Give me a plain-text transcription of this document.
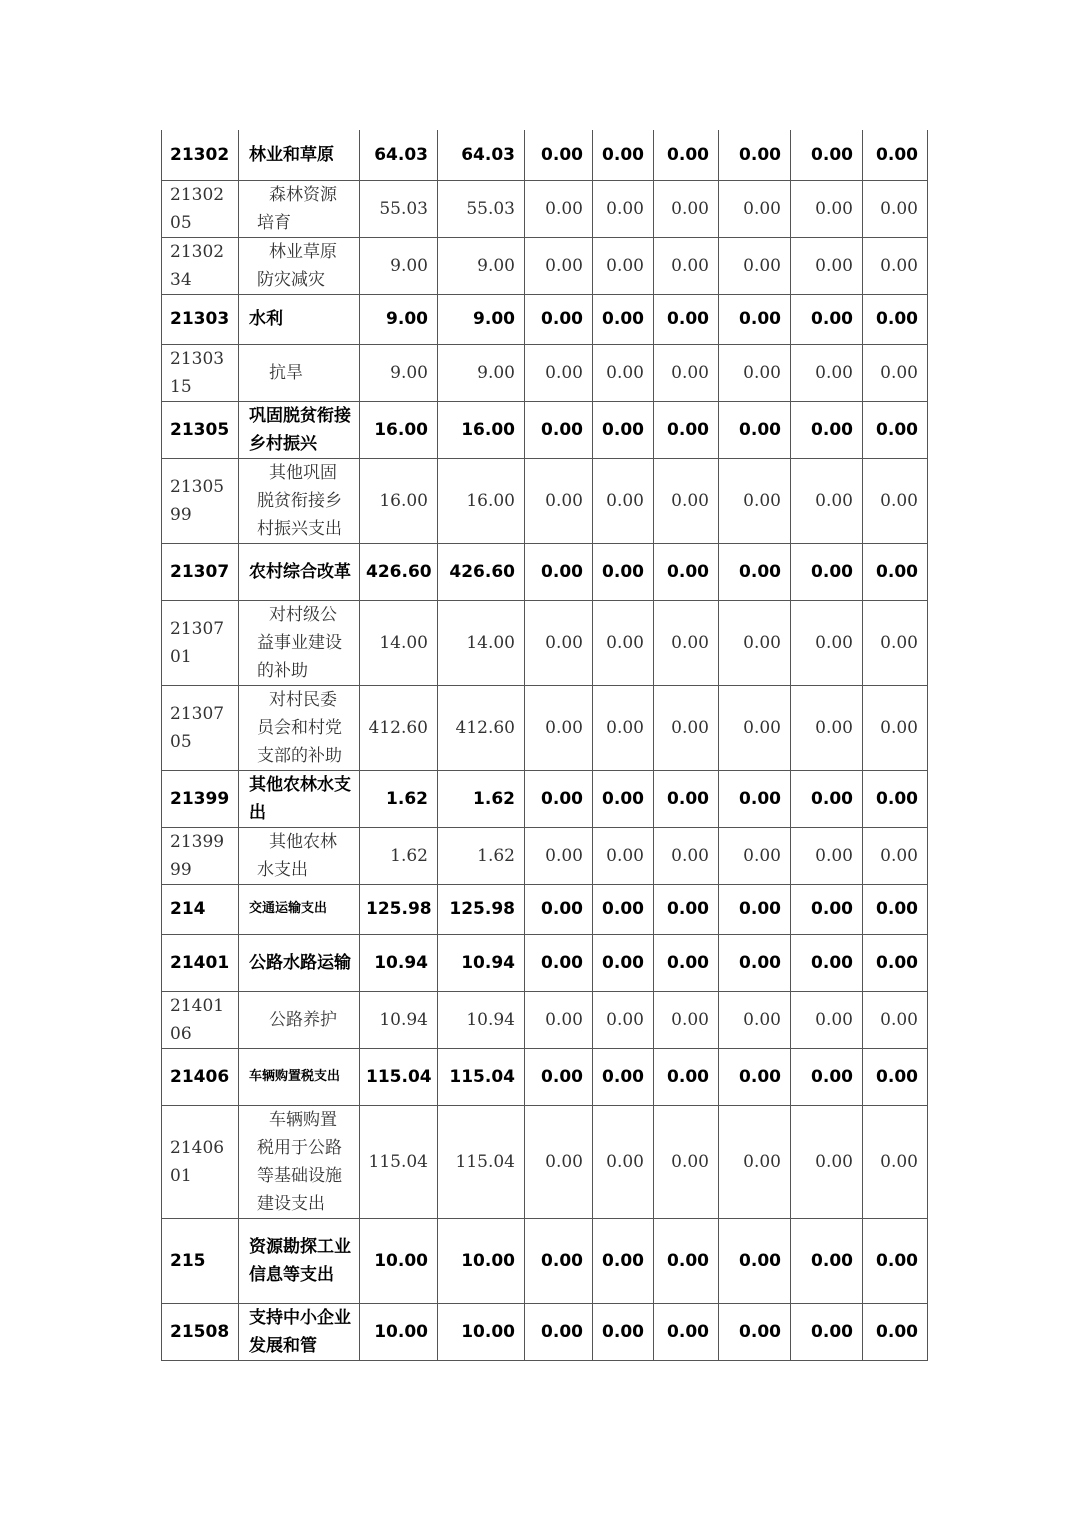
21302	林业和草原	64.03	64.03	0.00	0.00	0.00	0.00	0.00	0.00
2130205	森林资源培育	55.03	55.03	0.00	0.00	0.00	0.00	0.00	0.00
2130234	林业草原防灾减灾	9.00	9.00	0.00	0.00	0.00	0.00	0.00	0.00
21303	水利	9.00	9.00	0.00	0.00	0.00	0.00	0.00	0.00
2130315	抗旱	9.00	9.00	0.00	0.00	0.00	0.00	0.00	0.00
21305	巩固脱贫衔接乡村振兴	16.00	16.00	0.00	0.00	0.00	0.00	0.00	0.00
2130599	其他巩固脱贫衔接乡村振兴支出	16.00	16.00	0.00	0.00	0.00	0.00	0.00	0.00
21307	农村综合改革	426.60	426.60	0.00	0.00	0.00	0.00	0.00	0.00
2130701	对村级公益事业建设的补助	14.00	14.00	0.00	0.00	0.00	0.00	0.00	0.00
2130705	对村民委员会和村党支部的补助	412.60	412.60	0.00	0.00	0.00	0.00	0.00	0.00
21399	其他农林水支出	1.62	1.62	0.00	0.00	0.00	0.00	0.00	0.00
2139999	其他农林水支出	1.62	1.62	0.00	0.00	0.00	0.00	0.00	0.00
214	交通运输支出	125.98	125.98	0.00	0.00	0.00	0.00	0.00	0.00
21401	公路水路运输	10.94	10.94	0.00	0.00	0.00	0.00	0.00	0.00
2140106	公路养护	10.94	10.94	0.00	0.00	0.00	0.00	0.00	0.00
21406	车辆购置税支出	115.04	115.04	0.00	0.00	0.00	0.00	0.00	0.00
2140601	车辆购置税用于公路等基础设施建设支出	115.04	115.04	0.00	0.00	0.00	0.00	0.00	0.00
215	资源勘探工业信息等支出	10.00	10.00	0.00	0.00	0.00	0.00	0.00	0.00
21508	支持中小企业发展和管	10.00	10.00	0.00	0.00	0.00	0.00	0.00	0.00
